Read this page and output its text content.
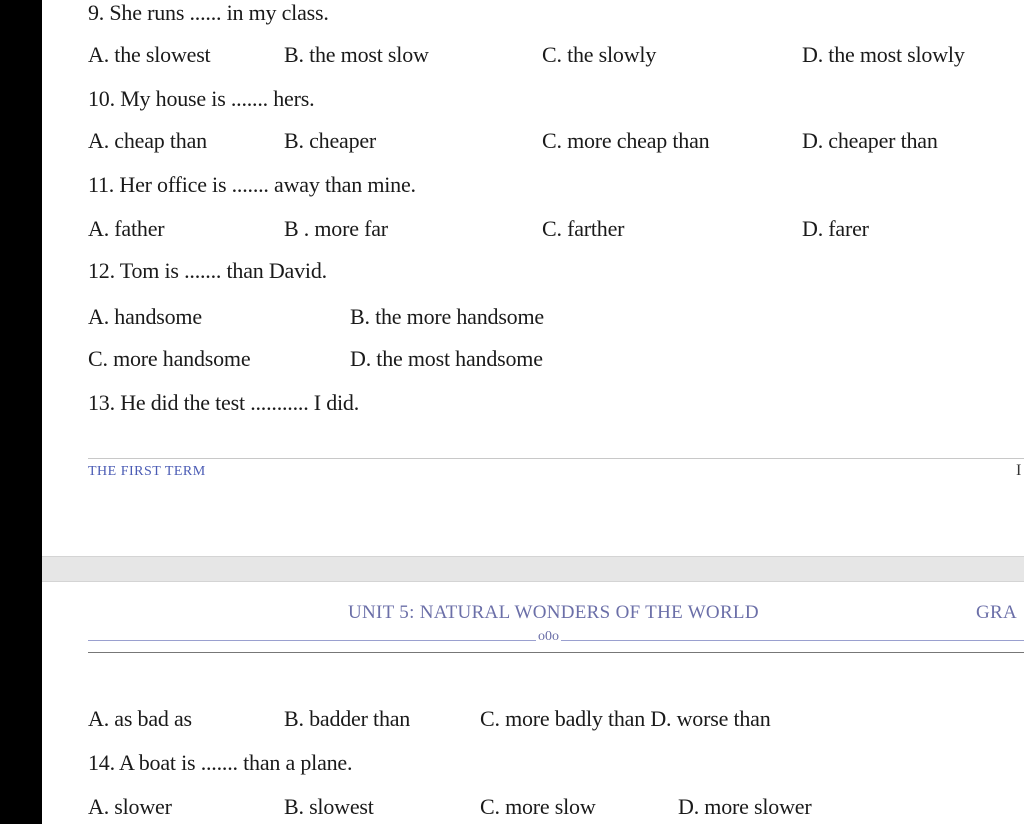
9. She runs ...... in my class.
A. the slowest	B. the most slow	C. the slowly	D. the most slowly
10. My house is ....... hers.
A. cheap than	B. cheaper	C. more cheap than	D. cheaper than
11. Her office is ....... away than mine.
A. father	B . more far	C. farther	D. farer
12. Tom is ....... than David.
A. handsome	B. the more handsome
C. more handsome	D. the most handsome
13. He did the test ........... I did.
THE FIRST TERM	I
UNIT 5: NATURAL WONDERS OF THE WORLD	GRA
o0o
A. as bad as	B. badder than	C. more badly than D. worse than
14. A boat is ....... than a plane.
A. slower	B. slowest	C. more slow	D. more slower
